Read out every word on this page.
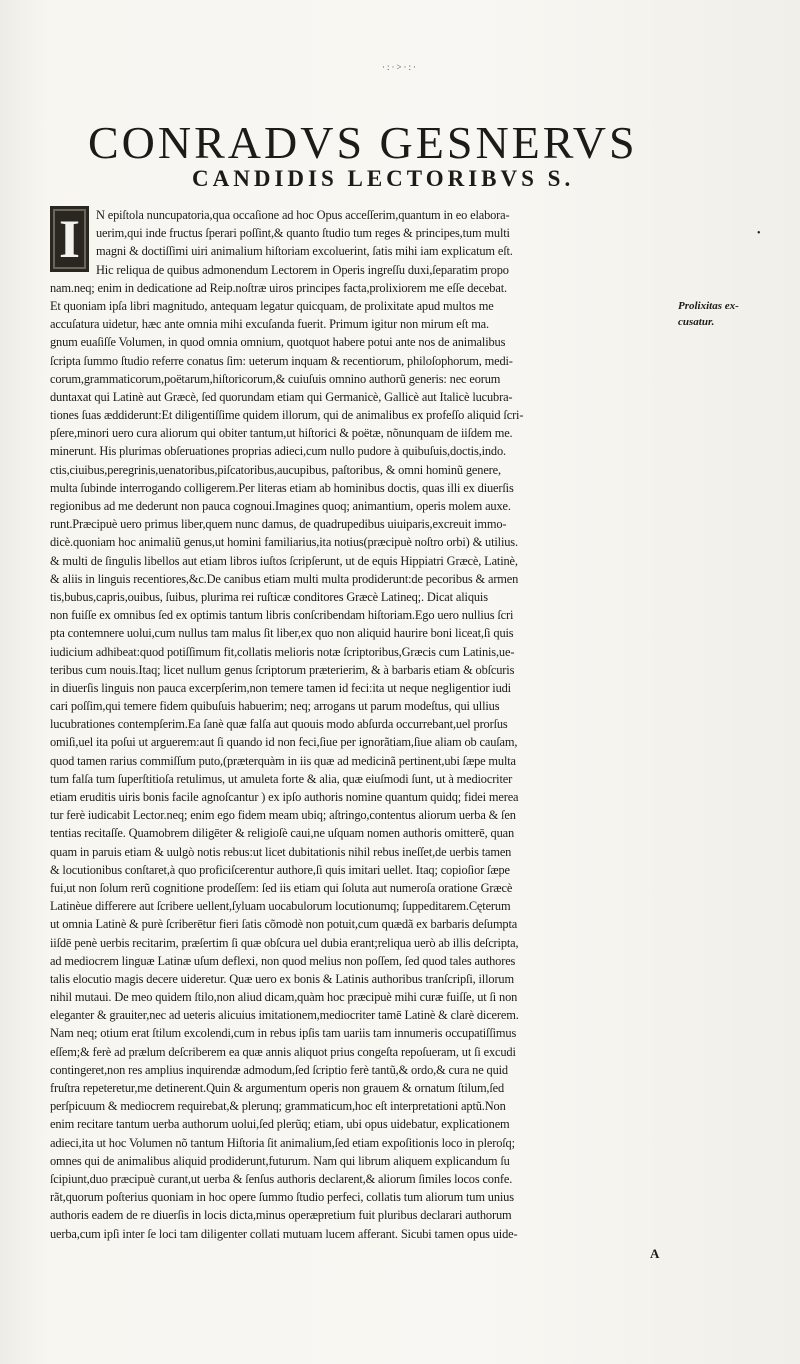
·:·>·:·
CONRADVS GESNERVS
CANDIDIS LECTORIBVS S.
I	•
Prolixitas ex-cusatur.
N epiſtola nuncupatoria,qua occaſione ad hoc Opus acceſſerim,quantum in eo elabora-
uerim,qui inde fructus ſperari poſſint,& quanto ſtudio tum reges & principes,tum multi
magni & doctiſſimi uiri animalium hiſtoriam excoluerint, ſatis mihi iam explicatum eſt.
Hic reliqua de quibus admonendum Lectorem in Operis ingreſſu duxi,ſeparatim propo
nam.neq; enim in dedicatione ad Reip.noſtræ uiros principes facta,prolixiorem me eſſe decebat.
Et quoniam ipſa libri magnitudo, antequam legatur quicquam, de prolixitate apud multos me
accuſatura uidetur, hæc ante omnia mihi excuſanda fuerit. Primum igitur non mirum eſt ma.
gnum euaſiſſe Volumen, in quod omnia omnium, quotquot habere potui ante nos de animalibus
ſcripta ſummo ſtudio referre conatus ſim: ueterum inquam & recentiorum, philoſophorum, medi-
corum,grammaticorum,poëtarum,hiſtoricorum,& cuiuſuis omnino authorũ generis: nec eorum
duntaxat qui Latinè aut Græcè, ſed quorundam etiam qui Germanicè, Gallicè aut Italicè lucubra-
tiones ſuas æddiderunt:Et diligentiſſime quidem illorum, qui de animalibus ex profeſſo aliquid ſcri-
pſere,minori uero cura aliorum qui obiter tantum,ut hiſtorici & poëtæ, nõnunquam de iiſdem me.
minerunt. His plurimas obſeruationes proprias adieci,cum nullo pudore à quibuſuis,doctis,indo.
ctis,ciuibus,peregrinis,uenatoribus,piſcatoribus,aucupibus, paſtoribus, & omni hominũ genere,
multa ſubinde interrogando colligerem.Per literas etiam ab hominibus doctis, quas illi ex diuerſis
regionibus ad me dederunt non pauca cognoui.Imagines quoq; animantium, operis molem auxe.
runt.Præcipuè uero primus liber,quem nunc damus, de quadrupedibus uiuiparis,excreuit immo-
dicè.quoniam hoc animaliũ genus,ut homini familiarius,ita notius(præcipuè noſtro orbi) & utilius.
& multi de ſingulis libellos aut etiam libros iuſtos ſcripſerunt, ut de equis Hippiatri Græcè, Latinè,
& aliis in linguis recentiores,&c.De canibus etiam multi multa prodiderunt:de pecoribus & armen
tis,bubus,capris,ouibus, ſuibus, plurima rei ruſticæ conditores Græcè Latineq;. Dicat aliquis
non fuiſſe ex omnibus ſed ex optimis tantum libris conſcribendam hiſtoriam.Ego uero nullius ſcri
pta contemnere uolui,cum nullus tam malus ſit liber,ex quo non aliquid haurire boni liceat,ſi quis
iudicium adhibeat:quod potiſſimum fit,collatis melioris notæ ſcriptoribus,Græcis cum Latinis,ue-
teribus cum nouis.Itaq; licet nullum genus ſcriptorum præterierim, & à barbaris etiam & obſcuris
in diuerſis linguis non pauca excerpſerim,non temere tamen id feci:ita ut neque negligentior iudi
cari poſſim,qui temere fidem quibuſuis habuerim; neq; arrogans ut parum modeſtus, qui ullius
lucubrationes contempſerim.Ea ſanè quæ falſa aut quouis modo abſurda occurrebant,uel prorſus
omiſi,uel ita poſui ut arguerem:aut ſi quando id non feci,ſiue per ignorãtiam,ſiue aliam ob cauſam,
quod tamen rarius commiſſum puto,(præterquàm in iis quæ ad medicinã pertinent,ubi ſæpe multa
tum falſa tum ſuperſtitioſa retulimus, ut amuleta forte & alia, quæ eiuſmodi ſunt, ut à mediocriter
etiam eruditis uiris bonis facile agnoſcantur ) ex ipſo authoris nomine quantum quidq; fidei merea
tur ferè iudicabit Lector.neq; enim ego fidem meam ubiq; aſtringo,contentus aliorum uerba & ſen
tentias recitaſſe. Quamobrem diligēter & religioſè caui,ne uſquam nomen authoris omitterē, quan
quam in paruis etiam & uulgò notis rebus:ut licet dubitationis nihil rebus ineſſet,de uerbis tamen
& locutionibus conſtaret,à quo proficiſcerentur authore,ſi quis imitari uellet. Itaq; copioſior ſæpe
fui,ut non ſolum rerũ cognitione prodeſſem: ſed iis etiam qui ſoluta aut numeroſa oratione Græcè
Latinèue differere aut ſcribere uellent,ſyluam uocabulorum locutionumq; ſuppeditarem.Cęterum
ut omnia Latinè & purè ſcriberētur fieri ſatis cõmodè non potuit,cum quædã ex barbaris deſumpta
iiſdē penè uerbis recitarim, præſertim ſi quæ obſcura uel dubia erant;reliqua uerò ab illis deſcripta,
ad mediocrem linguæ Latinæ uſum deflexi, non quod melius non poſſem, ſed quod tales authores
talis elocutio magis decere uideretur. Quæ uero ex bonis & Latinis authoribus tranſcripſi, illorum
nihil mutaui. De meo quidem ſtilo,non aliud dicam,quàm hoc præcipuè mihi curæ fuiſſe, ut ſi non
eleganter & grauiter,nec ad ueteris alicuius imitationem,mediocriter tamē Latinè & clarè dicerem.
Nam neq; otium erat ſtilum excolendi,cum in rebus ipſis tam uariis tam innumeris occupatiſſimus
eſſem;& ferè ad prælum deſcriberem ea quæ annis aliquot prius congeſta repoſueram, ut ſi excudi
contingeret,non res amplius inquirendæ admodum,ſed ſcriptio ferè tantũ,& ordo,& cura ne quid
fruſtra repeteretur,me detinerent.Quin & argumentum operis non grauem & ornatum ſtilum,ſed
perſpicuum & mediocrem requirebat,& plerunq; grammaticum,hoc eſt interpretationi aptũ.Non
enim recitare tantum uerba authorum uolui,ſed plerũq; etiam, ubi opus uidebatur, explicationem
adieci,ita ut hoc Volumen nõ tantum Hiſtoria ſit animalium,ſed etiam expoſitionis loco in pleroſq;
omnes qui de animalibus aliquid prodiderunt,futurum. Nam qui librum aliquem explicandum ſu
ſcipiunt,duo præcipuè curant,ut uerba & ſenſus authoris declarent,& aliorum ſimiles locos confe.
rãt,quorum poſterius quoniam in hoc opere ſummo ſtudio perfeci, collatis tum aliorum tum unius
authoris eadem de re diuerſis in locis dicta,minus operæpretium fuit pluribus declarari authorum
uerba,cum ipſi inter ſe loci tam diligenter collati mutuam lucem afferant. Sicubi tamen opus uide-
A
